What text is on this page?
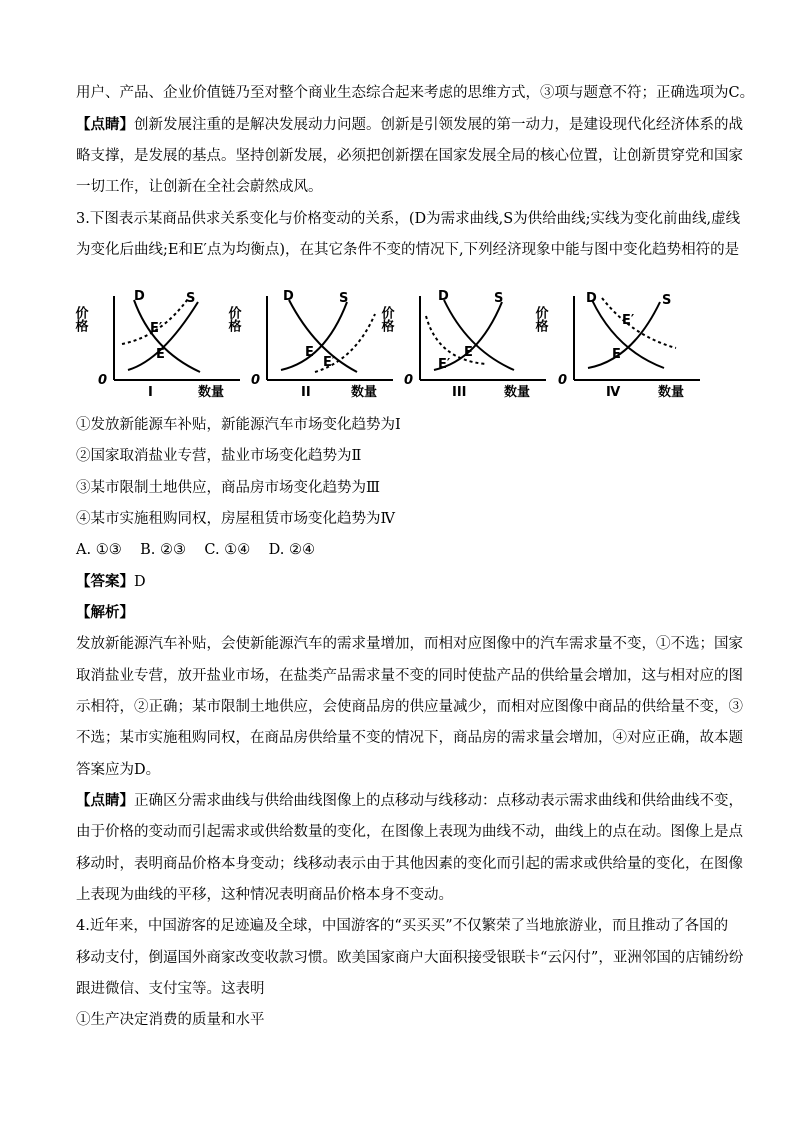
用户、产品、企业价值链乃至对整个商业生态综合起来考虑的思维方式，③项与题意不符；正确选项为C。
【点睛】创新发展注重的是解决发展动力问题。创新是引领发展的第一动力，是建设现代化经济体系的战
略支撑，是发展的基点。坚持创新发展，必须把创新摆在国家发展全局的核心位置，让创新贯穿党和国家
一切工作，让创新在全社会蔚然成风。
3.下图表示某商品供求关系变化与价格变动的关系，(D为需求曲线,S为供给曲线;实线为变化前曲线,虚线
为变化后曲线;E和E′点为均衡点)，在其它条件不变的情况下,下列经济现象中能与图中变化趋势相符的是
价格
0
数量
I
D	S
E
E′	价格
0
数量
II
D	S
E
E′
价格
0
数量
III
D	S
E
E′
价格
0
数量
Ⅳ
D	S
E
E′
①发放新能源车补贴，新能源汽车市场变化趋势为Ⅰ
②国家取消盐业专营，盐业市场变化趋势为Ⅱ
③某市限制土地供应，商品房市场变化趋势为Ⅲ
④某市实施租购同权，房屋租赁市场变化趋势为Ⅳ
A. ①③    B. ②③    C. ①④    D. ②④
【答案】D
【解析】
发放新能源汽车补贴，会使新能源汽车的需求量增加，而相对应图像中的汽车需求量不变，①不选；国家
取消盐业专营，放开盐业市场，在盐类产品需求量不变的同时使盐产品的供给量会增加，这与相对应的图
示相符，②正确；某市限制土地供应，会使商品房的供应量减少，而相对应图像中商品的供给量不变，③
不选；某市实施租购同权，在商品房供给量不变的情况下，商品房的需求量会增加，④对应正确，故本题
答案应为D。
【点睛】正确区分需求曲线与供给曲线图像上的点移动与线移动：点移动表示需求曲线和供给曲线不变，
由于价格的变动而引起需求或供给数量的变化，在图像上表现为曲线不动，曲线上的点在动。图像上是点
移动时，表明商品价格本身变动；线移动表示由于其他因素的变化而引起的需求或供给量的变化，在图像
上表现为曲线的平移，这种情况表明商品价格本身不变动。
4.近年来，中国游客的足迹遍及全球，中国游客的“买买买”不仅繁荣了当地旅游业，而且推动了各国的
移动支付，倒逼国外商家改变收款习惯。欧美国家商户大面积接受银联卡“云闪付”，亚洲邻国的店铺纷纷
跟进微信、支付宝等。这表明
①生产决定消费的质量和水平
